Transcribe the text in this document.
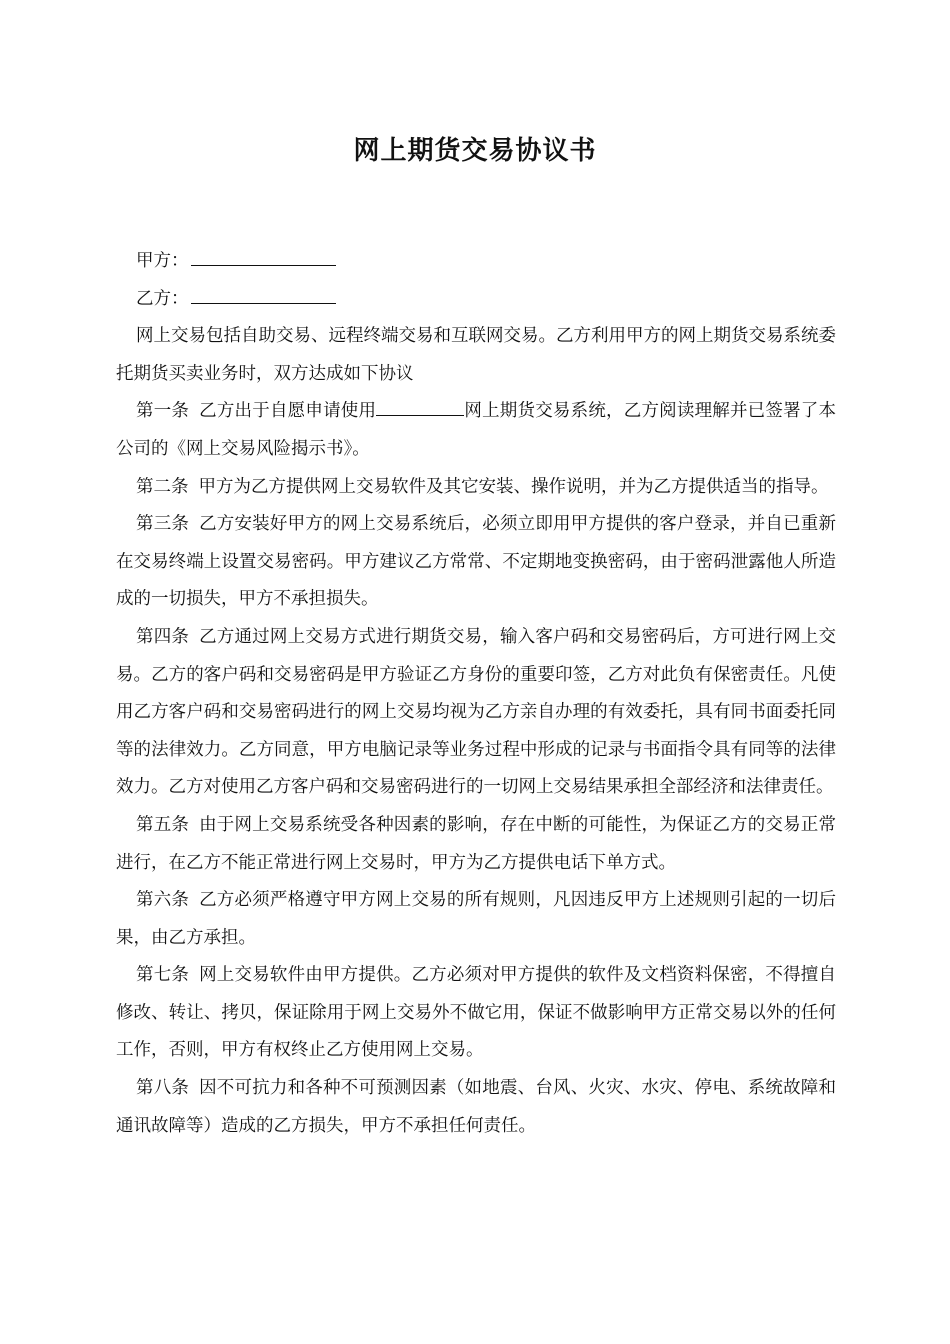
网上期货交易协议书

甲方：

乙方：

网上交易包括自助交易、远程终端交易和互联网交易。乙方利用甲方的网上期货交易系统委托期货买卖业务时，双方达成如下协议

第一条 乙方出于自愿申请使用	网上期货交易系统，乙方阅读理解并已签署了本公司的《网上交易风险揭示书》。

第二条 甲方为乙方提供网上交易软件及其它安装、操作说明，并为乙方提供适当的指导。

第三条 乙方安装好甲方的网上交易系统后，必须立即用甲方提供的客户登录，并自已重新在交易终端上设置交易密码。甲方建议乙方常常、不定期地变换密码，由于密码泄露他人所造成的一切损失，甲方不承担损失。

第四条 乙方通过网上交易方式进行期货交易，输入客户码和交易密码后，方可进行网上交易。乙方的客户码和交易密码是甲方验证乙方身份的重要印签，乙方对此负有保密责任。凡使用乙方客户码和交易密码进行的网上交易均视为乙方亲自办理的有效委托，具有同书面委托同等的法律效力。乙方同意，甲方电脑记录等业务过程中形成的记录与书面指令具有同等的法律效力。乙方对使用乙方客户码和交易密码进行的一切网上交易结果承担全部经济和法律责任。

第五条 由于网上交易系统受各种因素的影响，存在中断的可能性，为保证乙方的交易正常进行，在乙方不能正常进行网上交易时，甲方为乙方提供电话下单方式。

第六条 乙方必须严格遵守甲方网上交易的所有规则，凡因违反甲方上述规则引起的一切后果，由乙方承担。

第七条 网上交易软件由甲方提供。乙方必须对甲方提供的软件及文档资料保密，不得擅自修改、转让、拷贝，保证除用于网上交易外不做它用，保证不做影响甲方正常交易以外的任何工作，否则，甲方有权终止乙方使用网上交易。

第八条 因不可抗力和各种不可预测因素（如地震、台风、火灾、水灾、停电、系统故障和通讯故障等）造成的乙方损失，甲方不承担任何责任。
